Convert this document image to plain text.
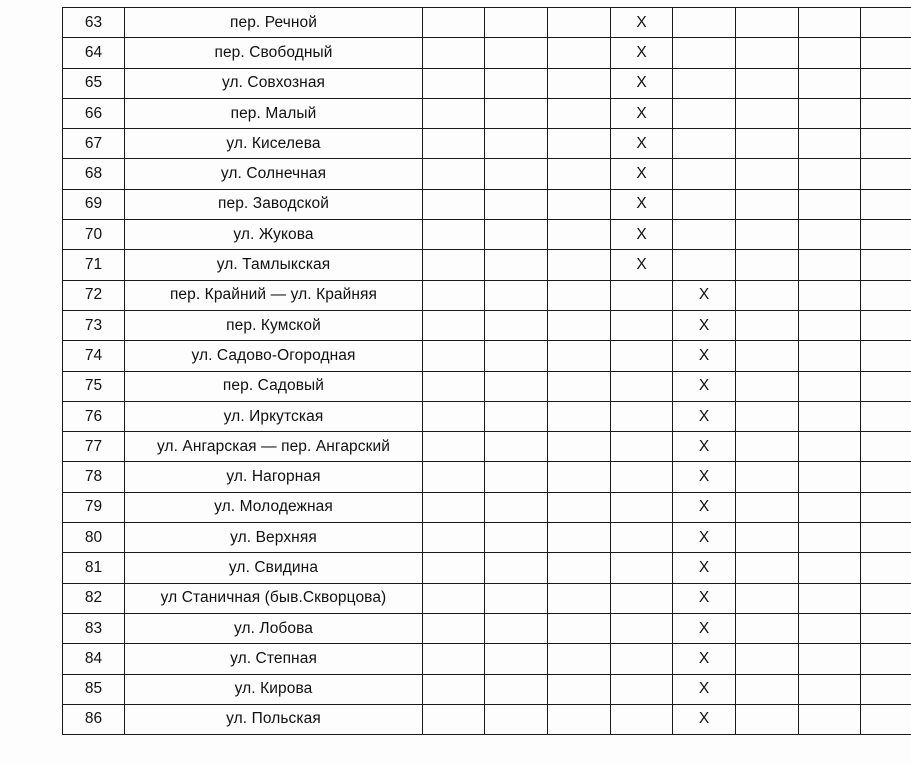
63	пер. Речной				X				
64	пер. Свободный				X				
65	ул. Совхозная				X				
66	пер. Малый				X				
67	ул. Киселева				X				
68	ул. Солнечная				X				
69	пер. Заводской				X				
70	ул. Жукова				X				
71	ул. Тамлыкская				X				
72	пер. Крайний — ул. Крайняя					X			
73	пер. Кумской					X			
74	ул. Садово-Огородная					X			
75	пер. Садовый					X			
76	ул. Иркутская					X			
77	ул. Ангарская — пер. Ангарский					X			
78	ул. Нагорная					X			
79	ул. Молодежная					X			
80	ул. Верхняя					X			
81	ул. Свидина					X			
82	ул Станичная (быв.Скворцова)					X			
83	ул. Лобова					X			
84	ул. Степная					X			
85	ул. Кирова					X			
86	ул. Польская					X			
